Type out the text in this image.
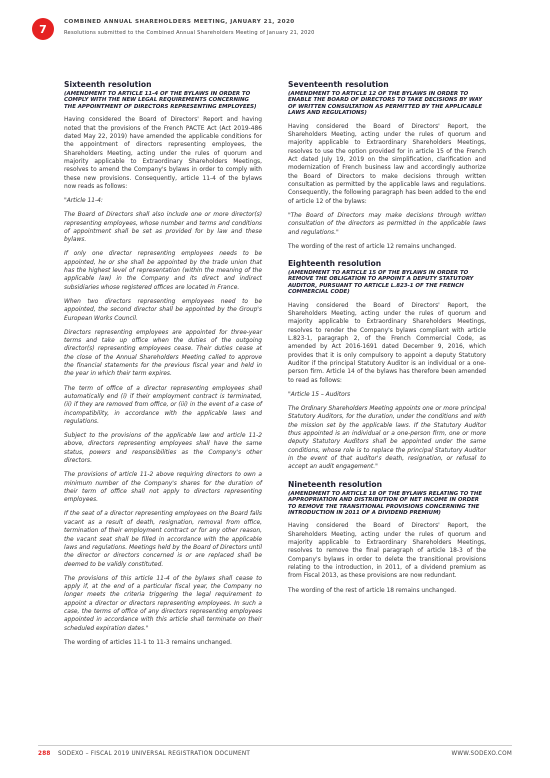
7
COMBINED ANNUAL SHAREHOLDERS MEETING, JANUARY 21, 2020
Resolutions submitted to the Combined Annual Shareholders Meeting of January 21, 2020
Sixteenth resolution
(AMENDMENT TO ARTICLE 11-4 OF THE BYLAWS IN ORDER TO COMPLY WITH THE NEW LEGAL REQUIREMENTS CONCERNING THE APPOINTMENT OF DIRECTORS REPRESENTING EMPLOYEES)

Having considered the Board of Directors' Report and having noted that the provisions of the French PACTE Act (Act 2019-486 dated May 22, 2019) have amended the applicable conditions for the appointment of directors representing employees, the Shareholders Meeting, acting under the rules of quorum and majority applicable to Extraordinary Shareholders Meetings, resolves to amend the Company's bylaws in order to comply with these new provisions. Consequently, article 11-4 of the bylaws now reads as follows:

"Article 11-4:

The Board of Directors shall also include one or more director(s) representing employees, whose number and terms and conditions of appointment shall be set as provided for by law and these bylaws.

If only one director representing employees needs to be appointed, he or she shall be appointed by the trade union that has the highest level of representation (within the meaning of the applicable law) in the Company and its direct and indirect subsidiaries whose registered offices are located in France.

When two directors representing employees need to be appointed, the second director shall be appointed by the Group's European Works Council.

Directors representing employees are appointed for three-year terms and take up office when the duties of the outgoing director(s) representing employees cease. Their duties cease at the close of the Annual Shareholders Meeting called to approve the financial statements for the previous fiscal year and held in the year in which their term expires.

The term of office of a director representing employees shall automatically end (i) if their employment contract is terminated, (ii) if they are removed from office, or (iii) in the event of a case of incompatibility, in accordance with the applicable laws and regulations.

Subject to the provisions of the applicable law and article 11-2 above, directors representing employees shall have the same status, powers and responsibilities as the Company's other directors.

The provisions of article 11-2 above requiring directors to own a minimum number of the Company's shares for the duration of their term of office shall not apply to directors representing employees.

If the seat of a director representing employees on the Board falls vacant as a result of death, resignation, removal from office, termination of their employment contract or for any other reason, the vacant seat shall be filled in accordance with the applicable laws and regulations. Meetings held by the Board of Directors until the director or directors concerned is or are replaced shall be deemed to be validly constituted.

The provisions of this article 11-4 of the bylaws shall cease to apply if, at the end of a particular fiscal year, the Company no longer meets the criteria triggering the legal requirement to appoint a director or directors representing employees. In such a case, the terms of office of any directors representing employees appointed in accordance with this article shall terminate on their scheduled expiration dates."

The wording of articles 11-1 to 11-3 remains unchanged.

Seventeenth resolution
(AMENDMENT TO ARTICLE 12 OF THE BYLAWS IN ORDER TO ENABLE THE BOARD OF DIRECTORS TO TAKE DECISIONS BY WAY OF WRITTEN CONSULTATION AS PERMITTED BY THE APPLICABLE LAWS AND REGULATIONS)

Having considered the Board of Directors' Report, the Shareholders Meeting, acting under the rules of quorum and majority applicable to Extraordinary Shareholders Meetings, resolves to use the option provided for in article 15 of the French Act dated July 19, 2019 on the simplification, clarification and modernization of French business law and accordingly authorize the Board of Directors to make decisions through written consultation as permitted by the applicable laws and regulations. Consequently, the following paragraph has been added to the end of article 12 of the bylaws:

"The Board of Directors may make decisions through written consultation of the directors as permitted in the applicable laws and regulations."

The wording of the rest of article 12 remains unchanged.

Eighteenth resolution
(AMENDMENT TO ARTICLE 15 OF THE BYLAWS IN ORDER TO REMOVE THE OBLIGATION TO APPOINT A DEPUTY STATUTORY AUDITOR, PURSUANT TO ARTICLE L.823-1 OF THE FRENCH COMMERCIAL CODE)

Having considered the Board of Directors' Report, the Shareholders Meeting, acting under the rules of quorum and majority applicable to Extraordinary Shareholders Meetings, resolves to render the Company's bylaws compliant with article L.823-1, paragraph 2, of the French Commercial Code, as amended by Act 2016-1691 dated December 9, 2016, which provides that it is only compulsory to appoint a deputy Statutory Auditor if the principal Statutory Auditor is an individual or a one-person firm. Article 14 of the bylaws has therefore been amended to read as follows:

"Article 15 – Auditors

The Ordinary Shareholders Meeting appoints one or more principal Statutory Auditors, for the duration, under the conditions and with the mission set by the applicable laws. If the Statutory Auditor thus appointed is an individual or a one-person firm, one or more deputy Statutory Auditors shall be appointed under the same conditions, whose role is to replace the principal Statutory Auditor in the event of that auditor's death, resignation, or refusal to accept an audit engagement."

Nineteenth resolution
(AMENDMENT TO ARTICLE 18 OF THE BYLAWS RELATING TO THE APPROPRIATION AND DISTRIBUTION OF NET INCOME IN ORDER TO REMOVE THE TRANSITIONAL PROVISIONS CONCERNING THE INTRODUCTION IN 2011 OF A DIVIDEND PREMIUM)

Having considered the Board of Directors' Report, the Shareholders Meeting, acting under the rules of quorum and majority applicable to Extraordinary Shareholders Meetings, resolves to remove the final paragraph of article 18-3 of the Company's bylaws in order to delete the transitional provisions relating to the introduction, in 2011, of a dividend premium as from Fiscal 2013, as these provisions are now redundant.

The wording of the rest of article 18 remains unchanged.

288 SODEXO – FISCAL 2019 UNIVERSAL REGISTRATION DOCUMENT	WWW.SODEXO.COM
